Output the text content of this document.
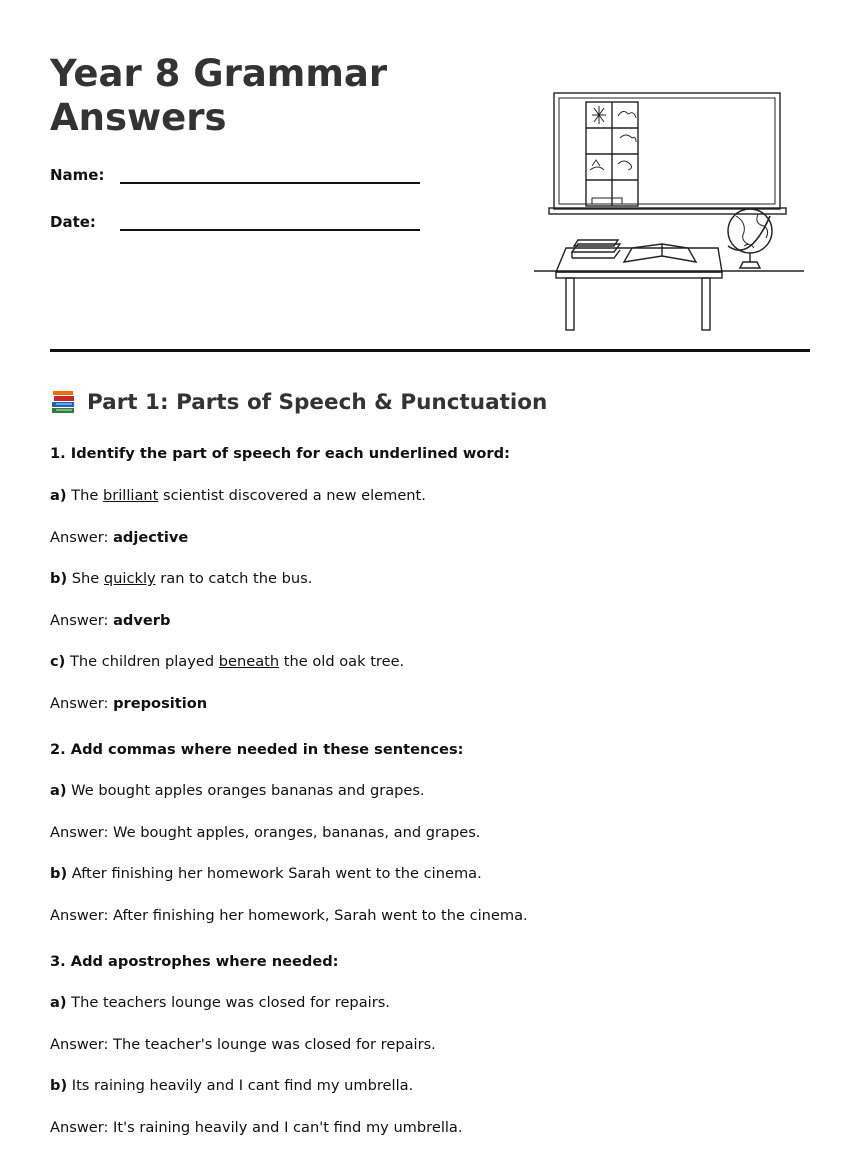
Year 8 Grammar Answers
Name:
Date:
Part 1: Parts of Speech & Punctuation

1. Identify the part of speech for each underlined word:

a) The brilliant scientist discovered a new element.

Answer: adjective

b) She quickly ran to catch the bus.

Answer: adverb

c) The children played beneath the old oak tree.

Answer: preposition

2. Add commas where needed in these sentences:

a) We bought apples oranges bananas and grapes.

Answer: We bought apples, oranges, bananas, and grapes.

b) After finishing her homework Sarah went to the cinema.

Answer: After finishing her homework, Sarah went to the cinema.

3. Add apostrophes where needed:

a) The teachers lounge was closed for repairs.

Answer: The teacher's lounge was closed for repairs.

b) Its raining heavily and I cant find my umbrella.

Answer: It's raining heavily and I can't find my umbrella.
